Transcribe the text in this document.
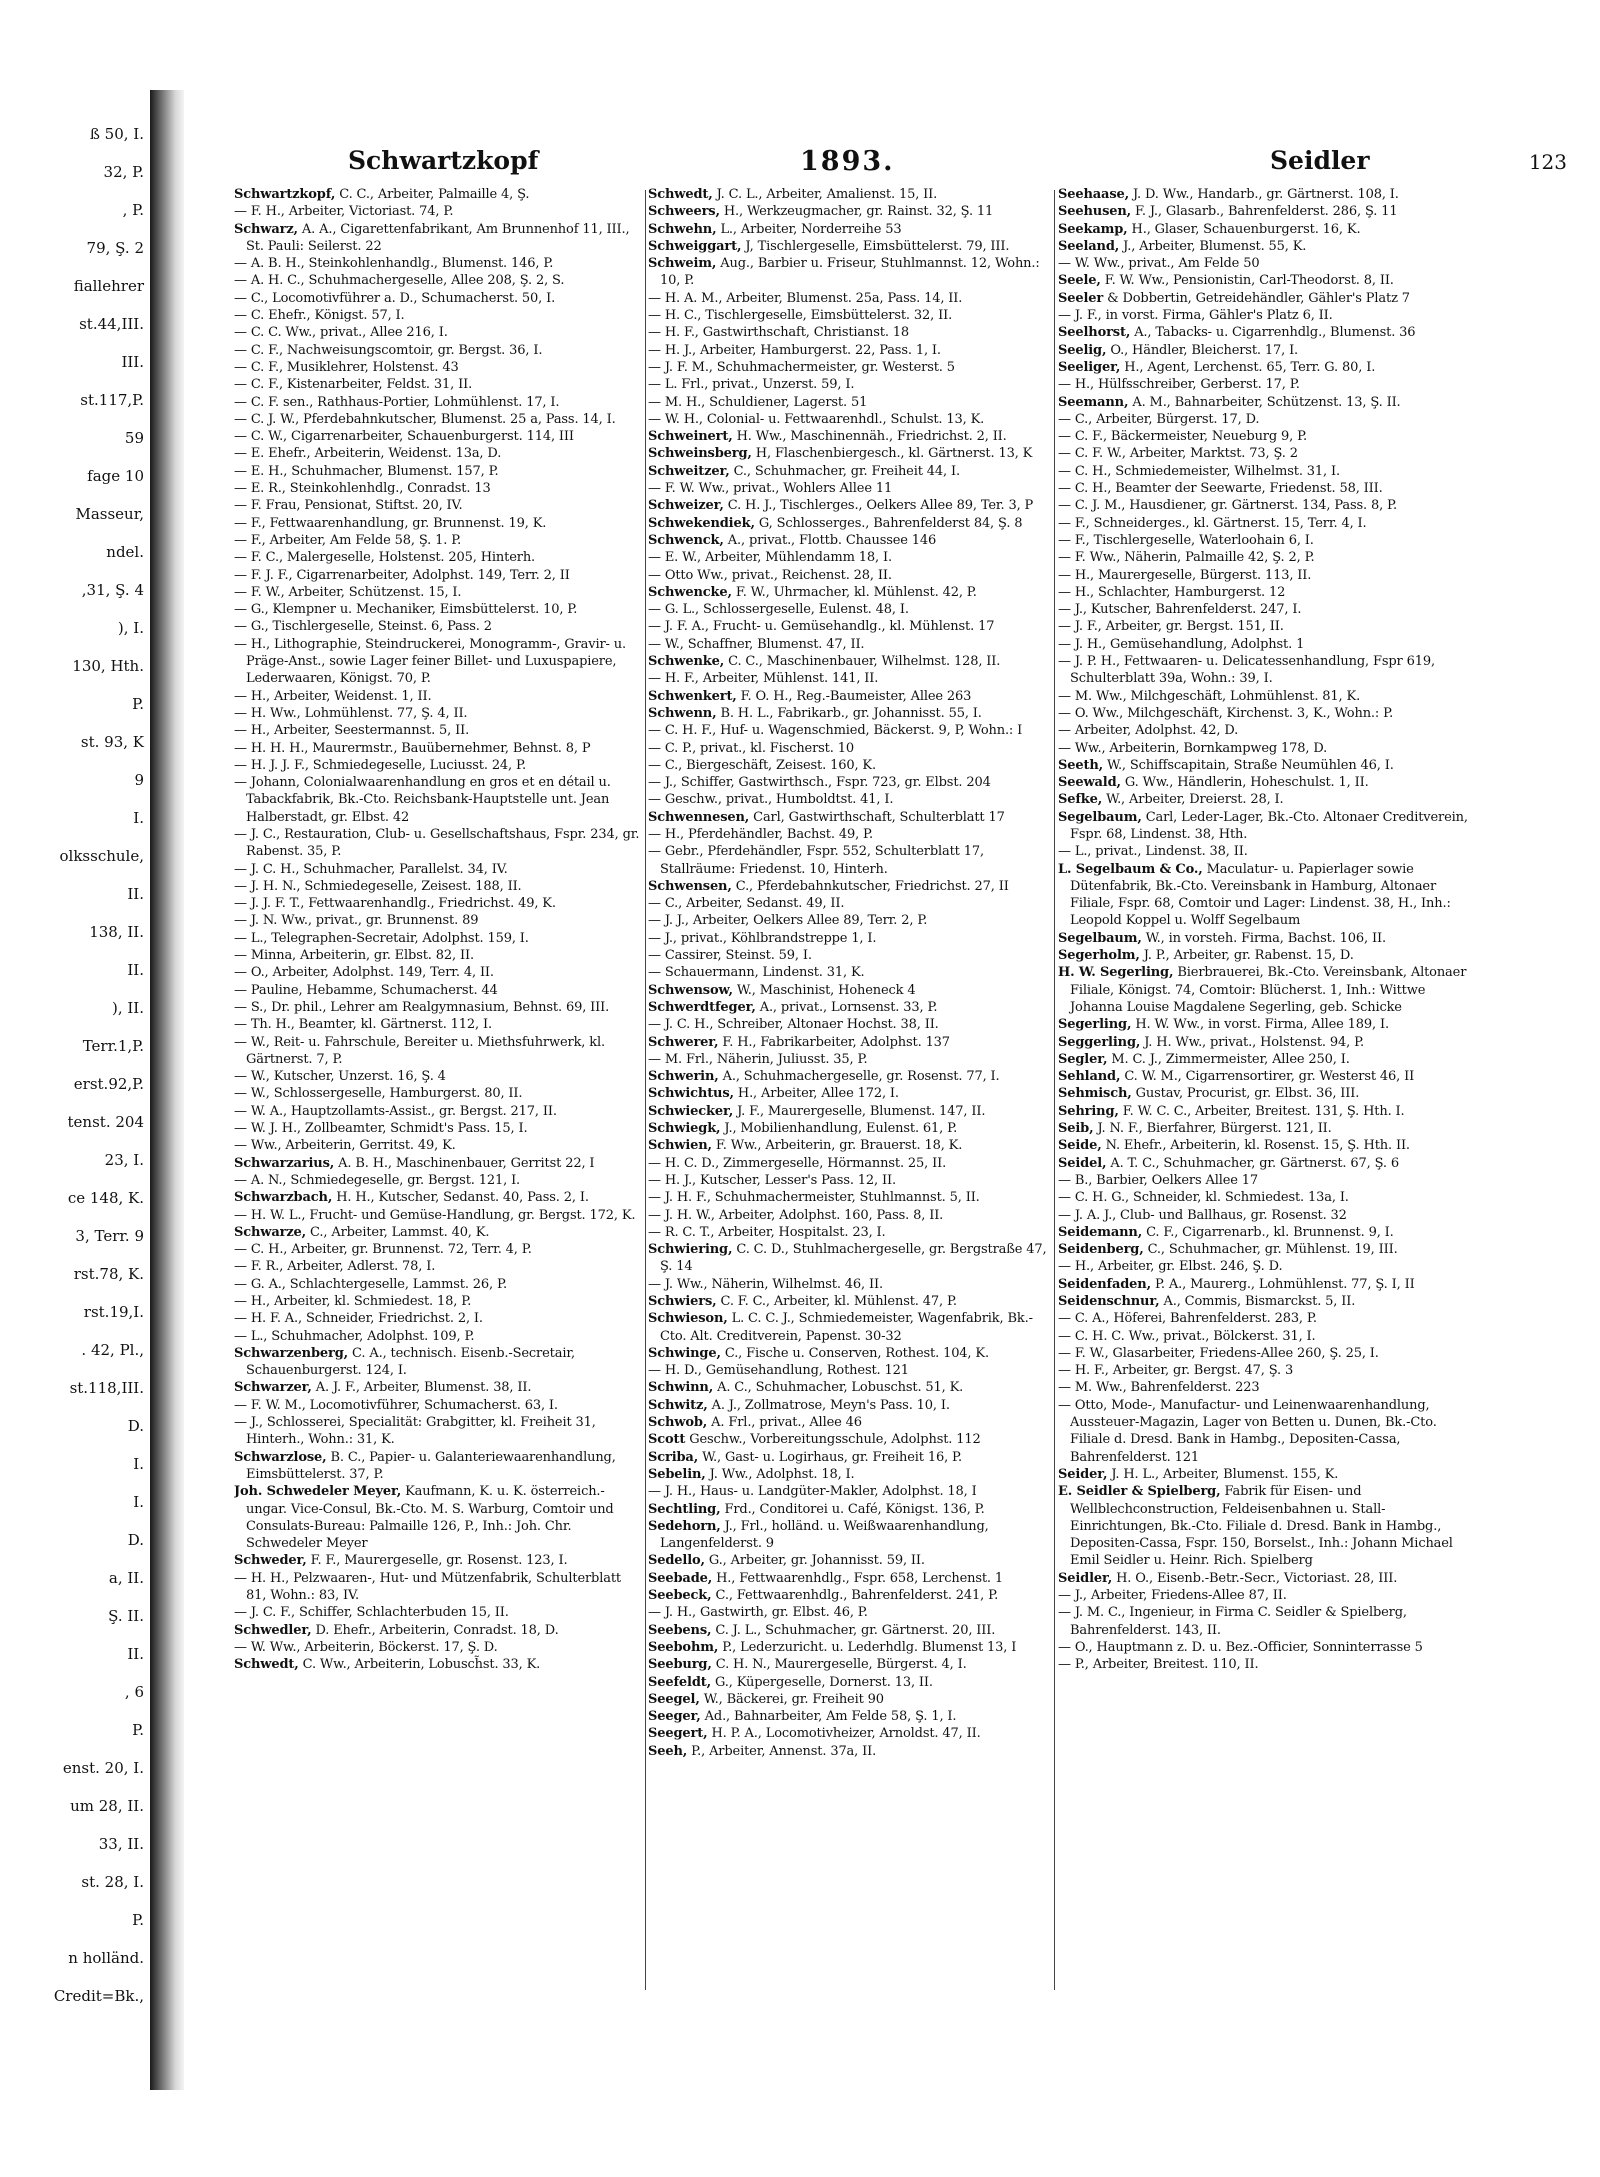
ß 50, I.
32, P.
, P.
79, Ş. 2
fiallehrer
st.44,III.
III.
st.117,P.
59
fage 10
Masseur,
ndel.
,31, Ş. 4
), I.
130, Hth.
P.
st. 93, K
9
I.
olksschule,
II.
138, II.
II.
), II.
Terr.1,P.
erst.92,P.
tenst. 204
23, I.
ce 148, K.
3, Terr. 9
rst.78, K.
rst.19,I.
. 42, Pl.,
st.118,III.
D.
I.
I.
D.
a, II.
Ş. II.
II.
, 6
P.
enst. 20, I.
um 28, II.
33, II.
st. 28, I.
P.
n holländ.
Credit=Bk.,
Schwartzkopf	1893.	Seidler	123

Schwartzkopf, C. C., Arbeiter, Palmaille 4, Ş.

— F. H., Arbeiter, Victoriast. 74, P.

Schwarz, A. A., Cigarettenfabrikant, Am Brunnenhof 11, III., St. Pauli: Seilerst. 22

— A. B. H., Steinkohlenhandlg., Blumenst. 146, P.

— A. H. C., Schuhmachergeselle, Allee 208, Ş. 2, S.

— C., Locomotivführer a. D., Schumacherst. 50, I.

— C. Ehefr., Königst. 57, I.

— C. C. Ww., privat., Allee 216, I.

— C. F., Nachweisungscomtoir, gr. Bergst. 36, I.

— C. F., Musiklehrer, Holstenst. 43

— C. F., Kistenarbeiter, Feldst. 31, II.

— C. F. sen., Rathhaus-Portier, Lohmühlenst. 17, I.

— C. J. W., Pferdebahnkutscher, Blumenst. 25 a, Pass. 14, I.

— C. W., Cigarrenarbeiter, Schauenburgerst. 114, III

— E. Ehefr., Arbeiterin, Weidenst. 13a, D.

— E. H., Schuhmacher, Blumenst. 157, P.

— E. R., Steinkohlenhdlg., Conradst. 13

— F. Frau, Pensionat, Stiftst. 20, IV.

— F., Fettwaarenhandlung, gr. Brunnenst. 19, K.

— F., Arbeiter, Am Felde 58, Ş. 1. P.

— F. C., Malergeselle, Holstenst. 205, Hinterh.

— F. J. F., Cigarrenarbeiter, Adolphst. 149, Terr. 2, II

— F. W., Arbeiter, Schützenst. 15, I.

— G., Klempner u. Mechaniker, Eimsbüttelerst. 10, P.

— G., Tischlergeselle, Steinst. 6, Pass. 2

— H., Lithographie, Steindruckerei, Monogramm-, Gravir- u. Präge-Anst., sowie Lager feiner Billet- und Luxuspapiere, Lederwaaren, Königst. 70, P.

— H., Arbeiter, Weidenst. 1, II.

— H. Ww., Lohmühlenst. 77, Ş. 4, II.

— H., Arbeiter, Seestermannst. 5, II.

— H. H. H., Maurermstr., Bauübernehmer, Behnst. 8, P

— H. J. J. F., Schmiedegeselle, Luciusst. 24, P.

— Johann, Colonialwaarenhandlung en gros et en détail u. Tabackfabrik, Bk.-Cto. Reichsbank-Hauptstelle unt. Jean Halberstadt, gr. Elbst. 42

— J. C., Restauration, Club- u. Gesellschaftshaus, Fspr. 234, gr. Rabenst. 35, P.

— J. C. H., Schuhmacher, Parallelst. 34, IV.

— J. H. N., Schmiedegeselle, Zeisest. 188, II.

— J. J. F. T., Fettwaarenhandlg., Friedrichst. 49, K.

— J. N. Ww., privat., gr. Brunnenst. 89

— L., Telegraphen-Secretair, Adolphst. 159, I.

— Minna, Arbeiterin, gr. Elbst. 82, II.

— O., Arbeiter, Adolphst. 149, Terr. 4, II.

— Pauline, Hebamme, Schumacherst. 44

— S., Dr. phil., Lehrer am Realgymnasium, Behnst. 69, III.

— Th. H., Beamter, kl. Gärtnerst. 112, I.

— W., Reit- u. Fahrschule, Bereiter u. Miethsfuhrwerk, kl. Gärtnerst. 7, P.

— W., Kutscher, Unzerst. 16, Ş. 4

— W., Schlossergeselle, Hamburgerst. 80, II.

— W. A., Hauptzollamts-Assist., gr. Bergst. 217, II.

— W. J. H., Zollbeamter, Schmidt's Pass. 15, I.

— Ww., Arbeiterin, Gerritst. 49, K.

Schwarzarius, A. B. H., Maschinenbauer, Gerritst 22, I

— A. N., Schmiedegeselle, gr. Bergst. 121, I.

Schwarzbach, H. H., Kutscher, Sedanst. 40, Pass. 2, I.

— H. W. L., Frucht- und Gemüse-Handlung, gr. Bergst. 172, K.

Schwarze, C., Arbeiter, Lammst. 40, K.

— C. H., Arbeiter, gr. Brunnenst. 72, Terr. 4, P.

— F. R., Arbeiter, Adlerst. 78, I.

— G. A., Schlachtergeselle, Lammst. 26, P.

— H., Arbeiter, kl. Schmiedest. 18, P.

— H. F. A., Schneider, Friedrichst. 2, I.

— L., Schuhmacher, Adolphst. 109, P.

Schwarzenberg, C. A., technisch. Eisenb.-Secretair, Schauenburgerst. 124, I.

Schwarzer, A. J. F., Arbeiter, Blumenst. 38, II.

— F. W. M., Locomotivführer, Schumacherst. 63, I.

— J., Schlosserei, Specialität: Grabgitter, kl. Freiheit 31, Hinterh., Wohn.: 31, K.

Schwarzlose, B. C., Papier- u. Galanteriewaarenhandlung, Eimsbüttelerst. 37, P.

Joh. Schwedeler Meyer, Kaufmann, K. u. K. österreich.-ungar. Vice-Consul, Bk.-Cto. M. S. Warburg, Comtoir und Consulats-Bureau: Palmaille 126, P., Inh.: Joh. Chr. Schwedeler Meyer

Schweder, F. F., Maurergeselle, gr. Rosenst. 123, I.

— H. H., Pelzwaaren-, Hut- und Mützenfabrik, Schulterblatt 81, Wohn.: 83, IV.

— J. C. F., Schiffer, Schlachterbuden 15, II.

Schwedler, D. Ehefr., Arbeiterin, Conradst. 18, D.

— W. Ww., Arbeiterin, Böckerst. 17, Ş. D.

Schwedt, C. Ww., Arbeiterin, Lobusch̃st. 33, K.

Schwedt, J. C. L., Arbeiter, Amalienst. 15, II.

Schweers, H., Werkzeugmacher, gr. Rainst. 32, Ş. 11

Schwehn, L., Arbeiter, Norderreihe 53

Schweiggart, J, Tischlergeselle, Eimsbüttelerst. 79, III.

Schweim, Aug., Barbier u. Friseur, Stuhlmannst. 12, Wohn.: 10, P.

— H. A. M., Arbeiter, Blumenst. 25a, Pass. 14, II.

— H. C., Tischlergeselle, Eimsbüttelerst. 32, II.

— H. F., Gastwirthschaft, Christianst. 18

— H. J., Arbeiter, Hamburgerst. 22, Pass. 1, I.

— J. F. M., Schuhmachermeister, gr. Westerst. 5

— L. Frl., privat., Unzerst. 59, I.

— M. H., Schuldiener, Lagerst. 51

— W. H., Colonial- u. Fettwaarenhdl., Schulst. 13, K.

Schweinert, H. Ww., Maschinennäh., Friedrichst. 2, II.

Schweinsberg, H, Flaschenbiergesch., kl. Gärtnerst. 13, K

Schweitzer, C., Schuhmacher, gr. Freiheit 44, I.

— F. W. Ww., privat., Wohlers Allee 11

Schweizer, C. H. J., Tischlerges., Oelkers Allee 89, Ter. 3, P

Schwekendiek, G, Schlosserges., Bahrenfelderst 84, Ş. 8

Schwenck, A., privat., Flottb. Chaussee 146

— E. W., Arbeiter, Mühlendamm 18, I.

— Otto Ww., privat., Reichenst. 28, II.

Schwencke, F. W., Uhrmacher, kl. Mühlenst. 42, P.

— G. L., Schlossergeselle, Eulenst. 48, I.

— J. F. A., Frucht- u. Gemüsehandlg., kl. Mühlenst. 17

— W., Schaffner, Blumenst. 47, II.

Schwenke, C. C., Maschinenbauer, Wilhelmst. 128, II.

— H. F., Arbeiter, Mühlenst. 141, II.

Schwenkert, F. O. H., Reg.-Baumeister, Allee 263

Schwenn, B. H. L., Fabrikarb., gr. Johannisst. 55, I.

— C. H. F., Huf- u. Wagenschmied, Bäckerst. 9, P, Wohn.: I

— C. P., privat., kl. Fischerst. 10

— C., Biergeschäft, Zeisest. 160, K.

— J., Schiffer, Gastwirthsch., Fspr. 723, gr. Elbst. 204

— Geschw., privat., Humboldtst. 41, I.

Schwennesen, Carl, Gastwirthschaft, Schulterblatt 17

— H., Pferdehändler, Bachst. 49, P.

— Gebr., Pferdehändler, Fspr. 552, Schulterblatt 17, Stallräume: Friedenst. 10, Hinterh.

Schwensen, C., Pferdebahnkutscher, Friedrichst. 27, II

— C., Arbeiter, Sedanst. 49, II.

— J. J., Arbeiter, Oelkers Allee 89, Terr. 2, P.

— J., privat., Köhlbrandstreppe 1, I.

— Cassirer, Steinst. 59, I.

— Schauermann, Lindenst. 31, K.

Schwensow, W., Maschinist, Hoheneck 4

Schwerdtfeger, A., privat., Lornsenst. 33, P.

— J. C. H., Schreiber, Altonaer Hochst. 38, II.

Schwerer, F. H., Fabrikarbeiter, Adolphst. 137

— M. Frl., Näherin, Juliusst. 35, P.

Schwerin, A., Schuhmachergeselle, gr. Rosenst. 77, I.

Schwichtus, H., Arbeiter, Allee 172, I.

Schwiecker, J. F., Maurergeselle, Blumenst. 147, II.

Schwiegk, J., Mobilienhandlung, Eulenst. 61, P.

Schwien, F. Ww., Arbeiterin, gr. Brauerst. 18, K.

— H. C. D., Zimmergeselle, Hörmannst. 25, II.

— H. J., Kutscher, Lesser's Pass. 12, II.

— J. H. F., Schuhmachermeister, Stuhlmannst. 5, II.

— J. H. W., Arbeiter, Adolphst. 160, Pass. 8, II.

— R. C. T., Arbeiter, Hospitalst. 23, I.

Schwiering, C. C. D., Stuhlmachergeselle, gr. Bergstraße 47, Ş. 14

— J. Ww., Näherin, Wilhelmst. 46, II.

Schwiers, C. F. C., Arbeiter, kl. Mühlenst. 47, P.

Schwieson, L. C. C. J., Schmiedemeister, Wagenfabrik, Bk.-Cto. Alt. Creditverein, Papenst. 30-32

Schwinge, C., Fische u. Conserven, Rothest. 104, K.

— H. D., Gemüsehandlung, Rothest. 121

Schwinn, A. C., Schuhmacher, Lobuschst. 51, K.

Schwitz, A. J., Zollmatrose, Meyn's Pass. 10, I.

Schwob, A. Frl., privat., Allee 46

Scott Geschw., Vorbereitungsschule, Adolphst. 112

Scriba, W., Gast- u. Logirhaus, gr. Freiheit 16, P.

Sebelin, J. Ww., Adolphst. 18, I.

— J. H., Haus- u. Landgüter-Makler, Adolphst. 18, I

Sechtling, Frd., Conditorei u. Café, Königst. 136, P.

Sedehorn, J., Frl., holländ. u. Weißwaarenhandlung, Langenfelderst. 9

Sedello, G., Arbeiter, gr. Johannisst. 59, II.

Seebade, H., Fettwaarenhdlg., Fspr. 658, Lerchenst. 1

Seebeck, C., Fettwaarenhdlg., Bahrenfelderst. 241, P.

— J. H., Gastwirth, gr. Elbst. 46, P.

Seebens, C. J. L., Schuhmacher, gr. Gärtnerst. 20, III.

Seebohm, P., Lederzuricht. u. Lederhdlg. Blumenst 13, I

Seeburg, C. H. N., Maurergeselle, Bürgerst. 4, I.

Seefeldt, G., Küpergeselle, Dornerst. 13, II.

Seegel, W., Bäckerei, gr. Freiheit 90

Seeger, Ad., Bahnarbeiter, Am Felde 58, Ş. 1, I.

Seegert, H. P. A., Locomotivheizer, Arnoldst. 47, II.

Seeh, P., Arbeiter, Annenst. 37a, II.

Seehaase, J. D. Ww., Handarb., gr. Gärtnerst. 108, I.

Seehusen, F. J., Glasarb., Bahrenfelderst. 286, Ş. 11

Seekamp, H., Glaser, Schauenburgerst. 16, K.

Seeland, J., Arbeiter, Blumenst. 55, K.

— W. Ww., privat., Am Felde 50

Seele, F. W. Ww., Pensionistin, Carl-Theodorst. 8, II.

Seeler & Dobbertin, Getreidehändler, Gähler's Platz 7

— J. F., in vorst. Firma, Gähler's Platz 6, II.

Seelhorst, A., Tabacks- u. Cigarrenhdlg., Blumenst. 36

Seelig, O., Händler, Bleicherst. 17, I.

Seeliger, H., Agent, Lerchenst. 65, Terr. G. 80, I.

— H., Hülfsschreiber, Gerberst. 17, P.

Seemann, A. M., Bahnarbeiter, Schützenst. 13, Ş. II.

— C., Arbeiter, Bürgerst. 17, D.

— C. F., Bäckermeister, Neueburg 9, P.

— C. F. W., Arbeiter, Marktst. 73, Ş. 2

— C. H., Schmiedemeister, Wilhelmst. 31, I.

— C. H., Beamter der Seewarte, Friedenst. 58, III.

— C. J. M., Hausdiener, gr. Gärtnerst. 134, Pass. 8, P.

— F., Schneiderges., kl. Gärtnerst. 15, Terr. 4, I.

— F., Tischlergeselle, Waterloohain 6, I.

— F. Ww., Näherin, Palmaille 42, Ş. 2, P.

— H., Maurergeselle, Bürgerst. 113, II.

— H., Schlachter, Hamburgerst. 12

— J., Kutscher, Bahrenfelderst. 247, I.

— J. F., Arbeiter, gr. Bergst. 151, II.

— J. H., Gemüsehandlung, Adolphst. 1

— J. P. H., Fettwaaren- u. Delicatessenhandlung, Fspr 619, Schulterblatt 39a, Wohn.: 39, I.

— M. Ww., Milchgeschäft, Lohmühlenst. 81, K.

— O. Ww., Milchgeschäft, Kirchenst. 3, K., Wohn.: P.

— Arbeiter, Adolphst. 42, D.

— Ww., Arbeiterin, Bornkampweg 178, D.

Seeth, W., Schiffscapitain, Straße Neumühlen 46, I.

Seewald, G. Ww., Händlerin, Hoheschulst. 1, II.

Sefke, W., Arbeiter, Dreierst. 28, I.

Segelbaum, Carl, Leder-Lager, Bk.-Cto. Altonaer Creditverein, Fspr. 68, Lindenst. 38, Hth.

— L., privat., Lindenst. 38, II.

L. Segelbaum & Co., Maculatur- u. Papierlager sowie Dütenfabrik, Bk.-Cto. Vereinsbank in Hamburg, Altonaer Filiale, Fspr. 68, Comtoir und Lager: Lindenst. 38, H., Inh.: Leopold Koppel u. Wolff Segelbaum

Segelbaum, W., in vorsteh. Firma, Bachst. 106, II.

Segerholm, J. P., Arbeiter, gr. Rabenst. 15, D.

H. W. Segerling, Bierbrauerei, Bk.-Cto. Vereinsbank, Altonaer Filiale, Königst. 74, Comtoir: Blücherst. 1, Inh.: Wittwe Johanna Louise Magdalene Segerling, geb. Schicke

Segerling, H. W. Ww., in vorst. Firma, Allee 189, I.

Seggerling, J. H. Ww., privat., Holstenst. 94, P.

Segler, M. C. J., Zimmermeister, Allee 250, I.

Sehland, C. W. M., Cigarrensortirer, gr. Westerst 46, II

Sehmisch, Gustav, Procurist, gr. Elbst. 36, III.

Sehring, F. W. C. C., Arbeiter, Breitest. 131, Ş. Hth. I.

Seib, J. N. F., Bierfahrer, Bürgerst. 121, II.

Seide, N. Ehefr., Arbeiterin, kl. Rosenst. 15, Ş. Hth. II.

Seidel, A. T. C., Schuhmacher, gr. Gärtnerst. 67, Ş. 6

— B., Barbier, Oelkers Allee 17

— C. H. G., Schneider, kl. Schmiedest. 13a, I.

— J. A. J., Club- und Ballhaus, gr. Rosenst. 32

Seidemann, C. F., Cigarrenarb., kl. Brunnenst. 9, I.

Seidenberg, C., Schuhmacher, gr. Mühlenst. 19, III.

— H., Arbeiter, gr. Elbst. 246, Ş. D.

Seidenfaden, P. A., Maurerg., Lohmühlenst. 77, Ş. I, II

Seidenschnur, A., Commis, Bismarckst. 5, II.

— C. A., Höferei, Bahrenfelderst. 283, P.

— C. H. C. Ww., privat., Bölckerst. 31, I.

— F. W., Glasarbeiter, Friedens-Allee 260, Ş. 25, I.

— H. F., Arbeiter, gr. Bergst. 47, Ş. 3

— M. Ww., Bahrenfelderst. 223

— Otto, Mode-, Manufactur- und Leinenwaarenhandlung, Aussteuer-Magazin, Lager von Betten u. Dunen, Bk.-Cto. Filiale d. Dresd. Bank in Hambg., Depositen-Cassa, Bahrenfelderst. 121

Seider, J. H. L., Arbeiter, Blumenst. 155, K.

E. Seidler & Spielberg, Fabrik für Eisen- und Wellblechconstruction, Feldeisenbahnen u. Stall-Einrichtungen, Bk.-Cto. Filiale d. Dresd. Bank in Hambg., Depositen-Cassa, Fspr. 150, Borselst., Inh.: Johann Michael Emil Seidler u. Heinr. Rich. Spielberg

Seidler, H. O., Eisenb.-Betr.-Secr., Victoriast. 28, III.

— J., Arbeiter, Friedens-Allee 87, II.

— J. M. C., Ingenieur, in Firma C. Seidler & Spielberg, Bahrenfelderst. 143, II.

— O., Hauptmann z. D. u. Bez.-Officier, Sonninterrasse 5

— P., Arbeiter, Breitest. 110, II.
